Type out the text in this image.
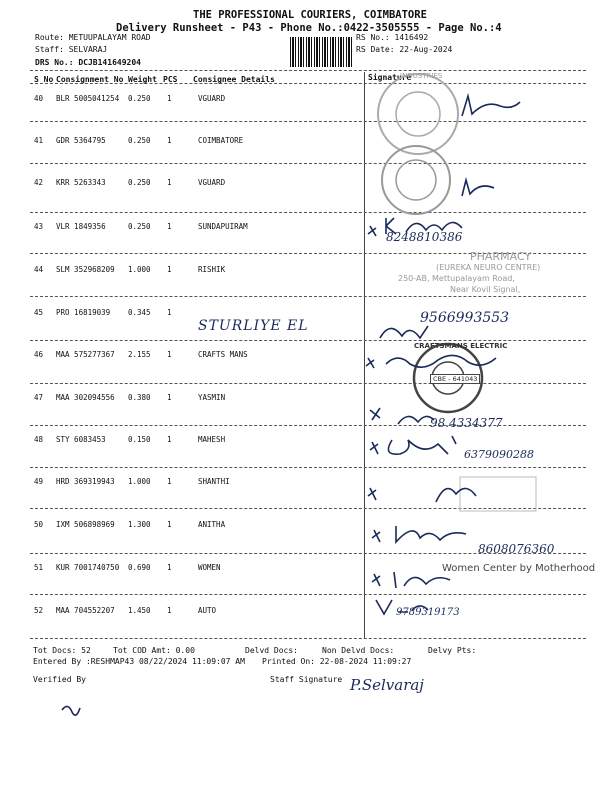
THE PROFESSIONAL COURIERS, COIMBATORE
Delivery Runsheet - P43 - Phone No.:0422-3505555 - Page No.:4
Route: METUUPALAYAM ROAD
Staff: SELVARAJ
DRS No.: DCJB141649204
RS No.: 1416492
RS Date: 22-Aug-2024
S No Consignment No Weight PCS Consignee Details	Signature
40 BLR 5005041254 0.250 1	VGUARD
41 GDR 5364795	0.250 1	COIMBATORE
42 KRR 5263343	0.250 1	VGUARD
43 VLR 1849356	0.250 1	SUNDAPUIRAM
44 SLM 352968209 1.000 1	RISHIK
45 PRO 16819039 0.345 1
46 MAA 575277367 2.155 1	CRAFTS MANS
47 MAA 302094556 0.380 1	YASMIN
48 STY 6083453	0.150 1	MAHESH
49 HRD 369319943 1.000 1	SHANTHI
50 IXM 506898969 1.300 1	ANITHA
51 KUR 7001740750 0.690 1	WOMEN
52 MAA 704552207 1.450 1	AUTO
INDUSTRIES
CRAFTSMANS ELECTRIC
CBE - 641043
PHARMACY
(EUREKA NEURO CENTRE)
250-AB, Mettupalayam Road,
Near Kovil Signal,
Women Center by Motherhood
STURLIYE EL
8248810386
9566993553
98.4334377
6379090288
8608076360
9789319173
Tot Docs: 52	Tot COD Amt: 0.00	Delvd Docs:	Non Delvd Docs:	Delvy Pts:
Entered By :RESHMAP43 08/22/2024 11:09:07 AM Printed On: 22-08-2024 11:09:27
Verified By	Staff Signature P.Selvaraj
